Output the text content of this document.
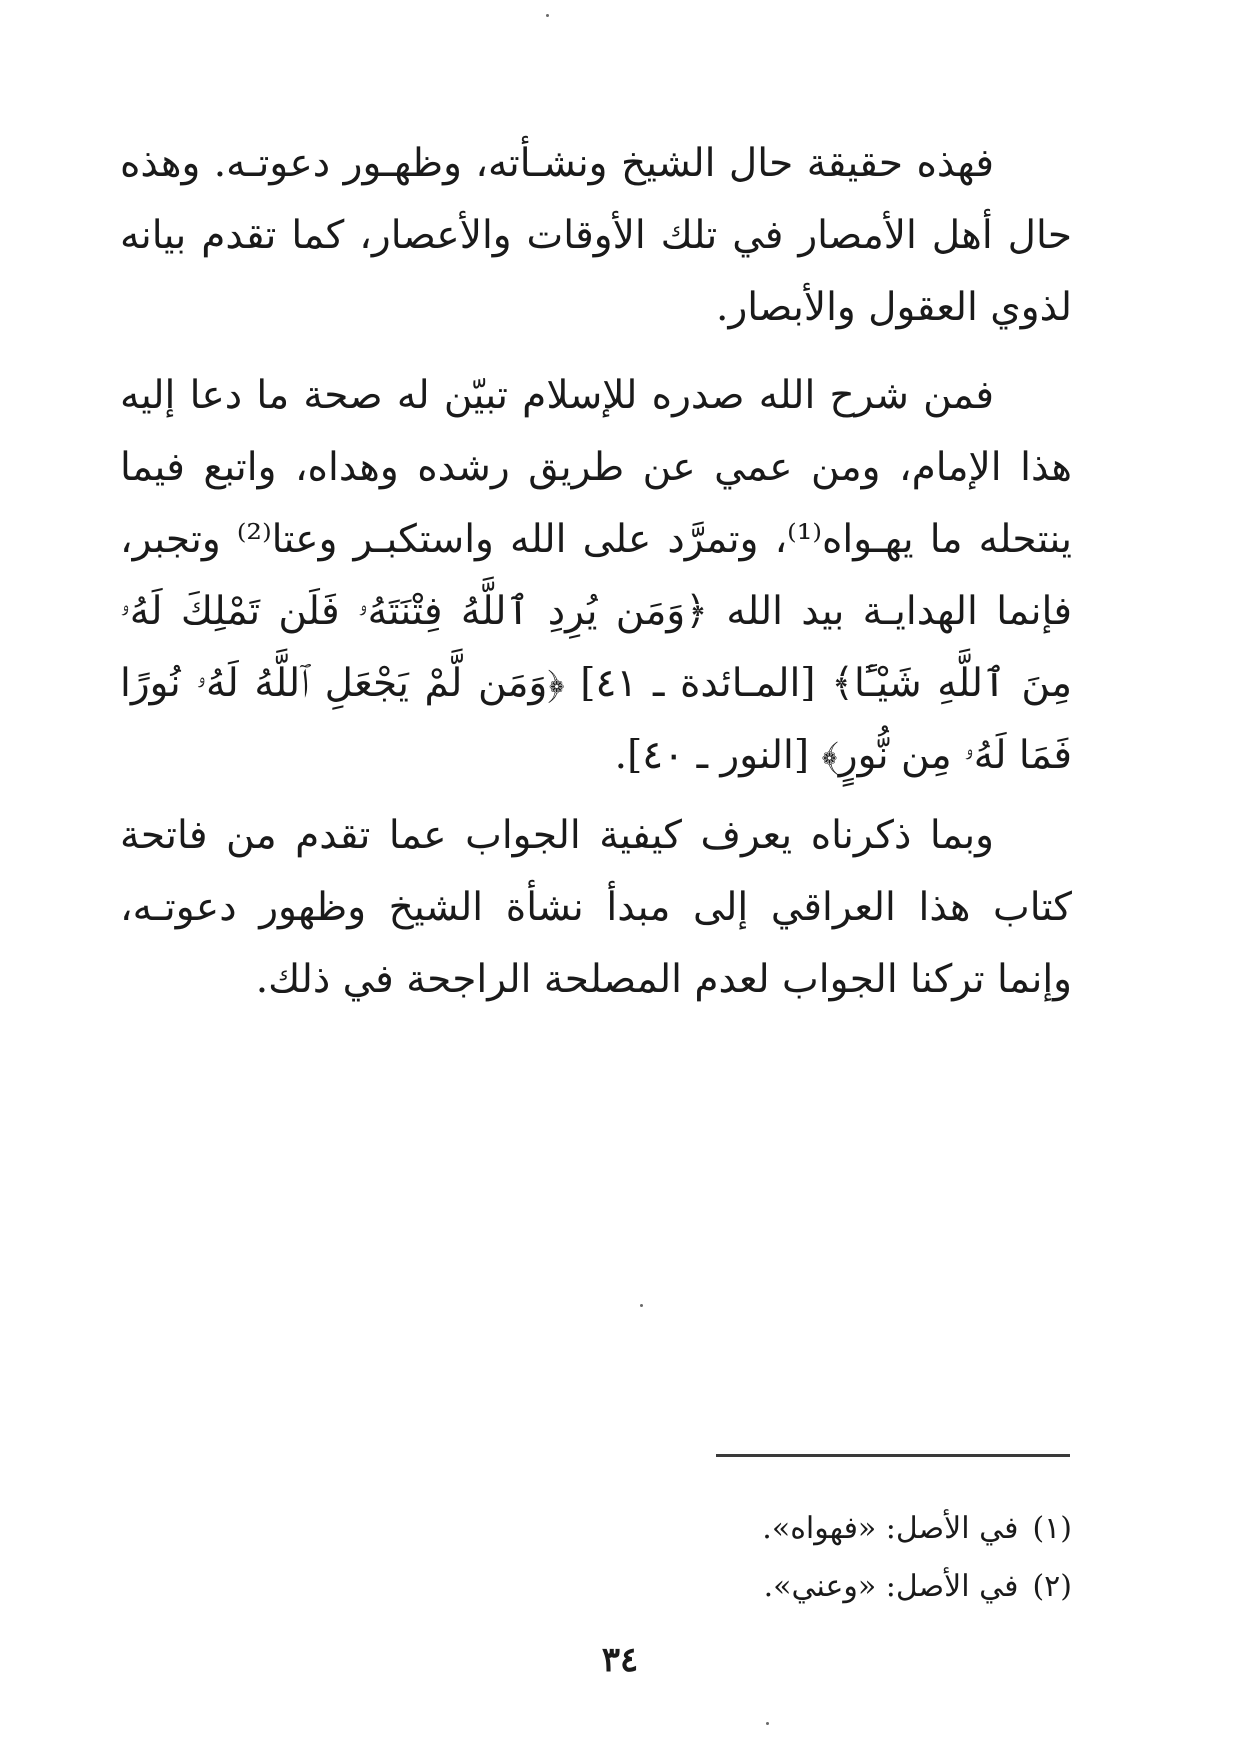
فهذه حقيقة حال الشيخ ونشـأته، وظهـور دعوتـه. وهذه حال أهل الأمصار في تلك الأوقات والأعصار، كما تقدم بيانه لذوي العقول والأبصار.

فمن شرح الله صدره للإسلام تبيّن له صحة ما دعا إليه هذا الإمام، ومن عمي عن طريق رشده وهداه، واتبع فيما ينتحله ما يهـواه⁽¹⁾، وتمرَّد على الله واستكبـر وعتا⁽²⁾ وتجبر، فإنما الهدايـة بيد الله ﴿وَمَن يُرِدِ ٱللَّهُ فِتْنَتَهُۥ فَلَن تَمْلِكَ لَهُۥ مِنَ ٱللَّهِ شَيْـًٔا﴾ [المـائدة ـ ٤١] ﴿وَمَن لَّمْ يَجْعَلِ ٱللَّهُ لَهُۥ نُورًا فَمَا لَهُۥ مِن نُّورٍ﴾ [النور ـ ٤٠].

وبما ذكرناه يعرف كيفية الجواب عما تقدم من فاتحة كتاب هذا العراقي إلى مبدأ نشأة الشيخ وظهور دعوتـه، وإنما تركنا الجواب لعدم المصلحة الراجحة في ذلك.

(١)في الأصل: «فهواه».

(٢)في الأصل: «وعني».

٣٤
